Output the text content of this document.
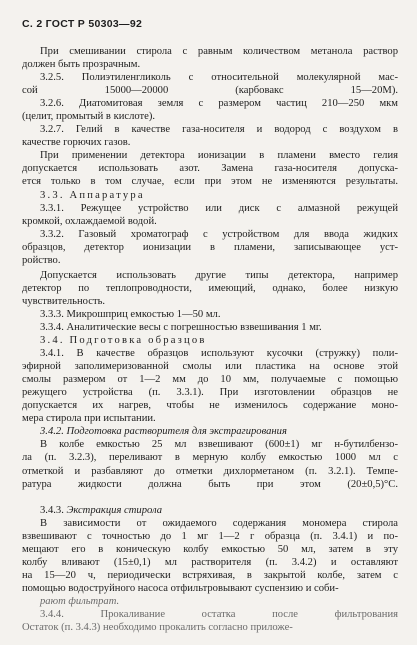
С. 2 ГОСТ Р 50303—92
При смешивании стирола с равным количеством метанола раствор
должен быть прозрачным.
3.2.5. Полиэтиленгликоль с относительной молекулярной мас-
сой 15000—20000 (карбовакс 15—20М).
3.2.6. Диатомитовая земля с размером частиц 210—250 мкм
(целит, промытый в кислоте).
3.2.7. Гелий в качестве газа-носителя и водород с воздухом в
качестве горючих газов.
При применении детектора ионизации в пламени вместо гелия
допускается использовать азот. Замена газа-носителя допуска-
ется только в том случае, если при этом не изменяются результаты.
3.3. Аппаратура
3.3.1. Режущее устройство или диск с алмазной режущей
кромкой, охлаждаемой водой.
3.3.2. Газовый хроматограф с устройством для ввода жидких
образцов, детектор ионизации в пламени, записывающее уст-
ройство.
Допускается использовать другие типы детектора, например
детектор по теплопроводности, имеющий, однако, более низкую
чувствительность.
3.3.3. Микрошприц емкостью 1—50 мл.
3.3.4. Аналитические весы с погрешностью взвешивания 1 мг.
3.4. Подготовка образцов
3.4.1. В качестве образцов используют кусочки (стружку) поли-
эфирной заполимеризованной смолы или пластика на основе этой
смолы размером от 1—2 мм до 10 мм, получаемые с помощью
режущего устройства (п. 3.3.1). При изготовлении образцов не
допускается их нагрев, чтобы не изменилось содержание моно-
мера стирола при испытании.
3.4.2. Подготовка растворителя для экстрагирования
В колбе емкостью 25 мл взвешивают (600±1) мг н-бутилбензо-
ла (п. 3.2.3), переливают в мерную колбу емкостью 1000 мл с
отметкой и разбавляют до отметки дихлорметаном (п. 3.2.1). Темпе-
ратура жидкости должна быть при этом (20±0,5)°С.
3.4.3. Экстракция стирола
В зависимости от ожидаемого содержания мономера стирола
взвешивают с точностью до 1 мг 1—2 г образца (п. 3.4.1) и по-
мещают его в коническую колбу емкостью 50 мл, затем в эту
колбу вливают (15±0,1) мл растворителя (п. 3.4.2) и оставляют
на 15—20 ч, периодически встряхивая, в закрытой колбе, затем с
помощью водоструйного насоса отфильтровывают суспензию и соби-
рают фильтрат.
3.4.4. Прокаливание остатка после фильтрования
Остаток (п. 3.4.3) необходимо прокалить согласно приложе-
